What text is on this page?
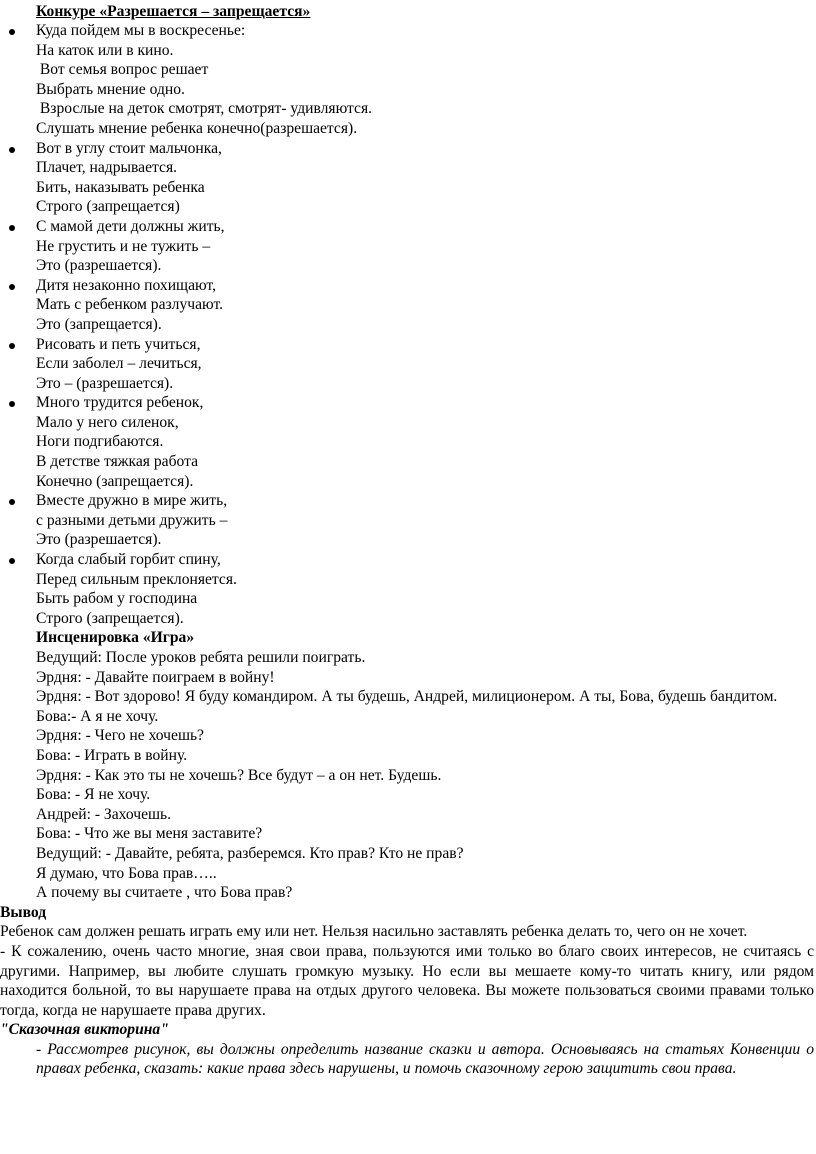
Конкуре «Разрешается – запрещается»
Куда пойдем мы в воскресенье:
На каток или в кино.
Вот семья вопрос решает
Выбрать мнение одно.
Взрослые на деток смотрят, смотрят- удивляются.
Слушать мнение ребенка конечно(разрешается).
Вот в углу стоит мальчонка,
Плачет, надрывается.
Бить, наказывать ребенка
Строго (запрещается)
С мамой дети должны жить,
Не грустить и не тужить –
Это (разрешается).
Дитя незаконно похищают,
Мать с ребенком разлучают.
Это (запрещается).
Рисовать и петь учиться,
Если заболел – лечиться,
Это – (разрешается).
Много трудится ребенок,
Мало у него силенок,
Ноги подгибаются.
В детстве тяжкая работа
Конечно (запрещается).
Вместе дружно в мире жить,
с разными детьми дружить –
Это (разрешается).
Когда слабый горбит спину,
Перед сильным преклоняется.
Быть рабом у господина
Строго (запрещается).
Инсценировка «Игра»
Ведущий: После уроков ребята решили поиграть.
Эрдня: - Давайте поиграем в войну!
Эрдня: - Вот здорово! Я буду командиром. А ты будешь, Андрей, милиционером. А ты, Бова, будешь бандитом.
Бова:- А я не хочу.
Эрдня: - Чего не хочешь?
Бова: - Играть в войну.
Эрдня: - Как это ты не хочешь? Все будут – а он нет. Будешь.
Бова: - Я не хочу.
Андрей: - Захочешь.
Бова: - Что же вы меня заставите?
Ведущий: - Давайте, ребята, разберемся. Кто прав? Кто не прав?
Я думаю, что Бова прав…..
А почему вы считаете , что Бова прав?
Вывод
Ребенок сам должен решать играть ему или нет. Нельзя насильно заставлять ребенка делать то, чего он не хочет.
- К сожалению, очень часто многие, зная свои права, пользуются ими только во благо своих интересов, не считаясь с другими. Например, вы любите слушать громкую музыку. Но если вы мешаете кому-то читать книгу, или рядом находится больной, то вы нарушаете права на отдых другого человека. Вы можете пользоваться своими правами только тогда, когда не нарушаете права других.
"Сказочная викторина"
- Рассмотрев рисунок, вы должны определить название сказки и автора. Основываясь на статьях Конвенции о правах ребенка, сказать: какие права здесь нарушены, и помочь сказочному герою защитить свои права.
